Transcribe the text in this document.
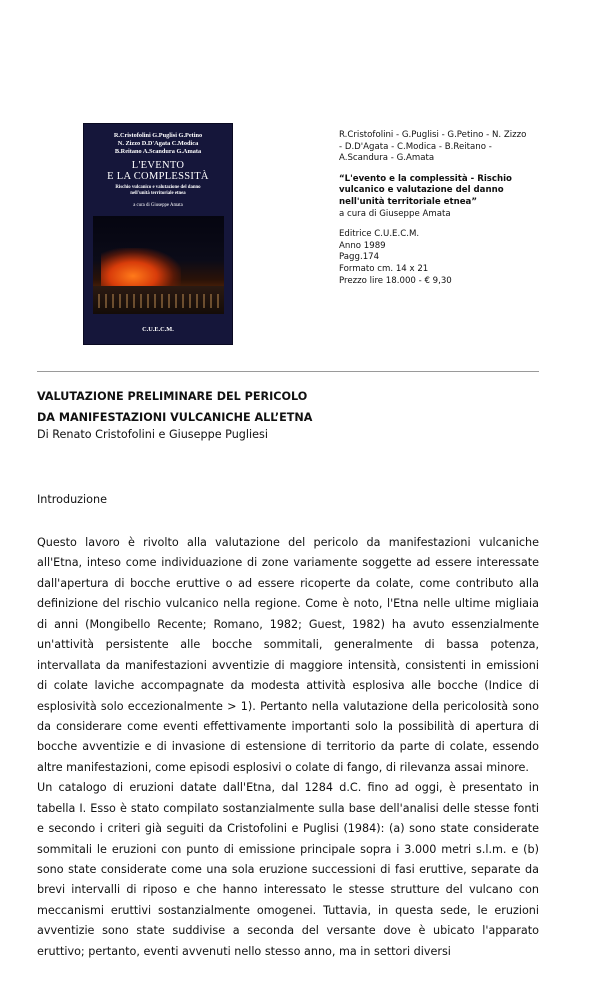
R.Cristofolini G.Puglisi G.Petino
N. Zizzo D.D'Agata C.Modica
B.Reitano A.Scandura G.Amata
L'EVENTO
E LA COMPLESSITÀ
Rischio vulcanico e valutazione del danno
nell'unità territoriale etnea
a cura di Giuseppe Amata
C.U.E.C.M.

R.Cristofolini - G.Puglisi - G.Petino - N. Zizzo

- D.D'Agata - C.Modica - B.Reitano -

A.Scandura - G.Amata

“L'evento e la complessità - Rischio

vulcanico e valutazione del danno

nell'unità territoriale etnea”

a cura di Giuseppe Amata

Editrice C.U.E.C.M.

Anno 1989

Pagg.174

Formato cm. 14 x 21

Prezzo lire 18.000 - € 9,30

VALUTAZIONE PRELIMINARE DEL PERICOLO
DA MANIFESTAZIONI VULCANICHE ALL’ETNA
Di Renato Cristofolini e Giuseppe Pugliesi
Introduzione

Questo lavoro è rivolto alla valutazione del pericolo da manifestazioni vulcaniche all'Etna, inteso come individuazione di zone variamente soggette ad essere interessate dall'apertura di bocche eruttive o ad essere ricoperte da colate, come contributo alla definizione del rischio vulcanico nella regione. Come è noto, l'Etna nelle ultime migliaia di anni (Mongibello Recente; Romano, 1982; Guest, 1982) ha avuto essenzialmente un'attività persistente alle bocche sommitali, generalmente di bassa potenza, intervallata da manifestazioni avventizie di maggiore intensità, consistenti in emissioni di colate laviche accompagnate da modesta attività esplosiva alle bocche (Indice di esplosività solo eccezionalmente > 1). Pertanto nella valutazione della pericolosità sono da considerare come eventi effettivamente importanti solo la possibilità di apertura di bocche avventizie e di invasione di estensione di territorio da parte di colate, essendo altre manifestazioni, come episodi esplosivi o colate di fango, di rilevanza assai minore.

Un catalogo di eruzioni datate dall'Etna, dal 1284 d.C. fino ad oggi, è presentato in tabella I. Esso è stato compilato sostanzialmente sulla base dell'analisi delle stesse fonti e secondo i criteri già seguiti da Cristofolini e Puglisi (1984): (a) sono state considerate sommitali le eruzioni con punto di emissione principale sopra i 3.000 metri s.l.m. e (b) sono state considerate come una sola eruzione successioni di fasi eruttive, separate da brevi intervalli di riposo e che hanno interessato le stesse strutture del vulcano con meccanismi eruttivi sostanzialmente omogenei. Tuttavia, in questa sede, le eruzioni avventizie sono state suddivise a seconda del versante dove è ubicato l'apparato eruttivo; pertanto, eventi avvenuti nello stesso anno, ma in settori diversi
